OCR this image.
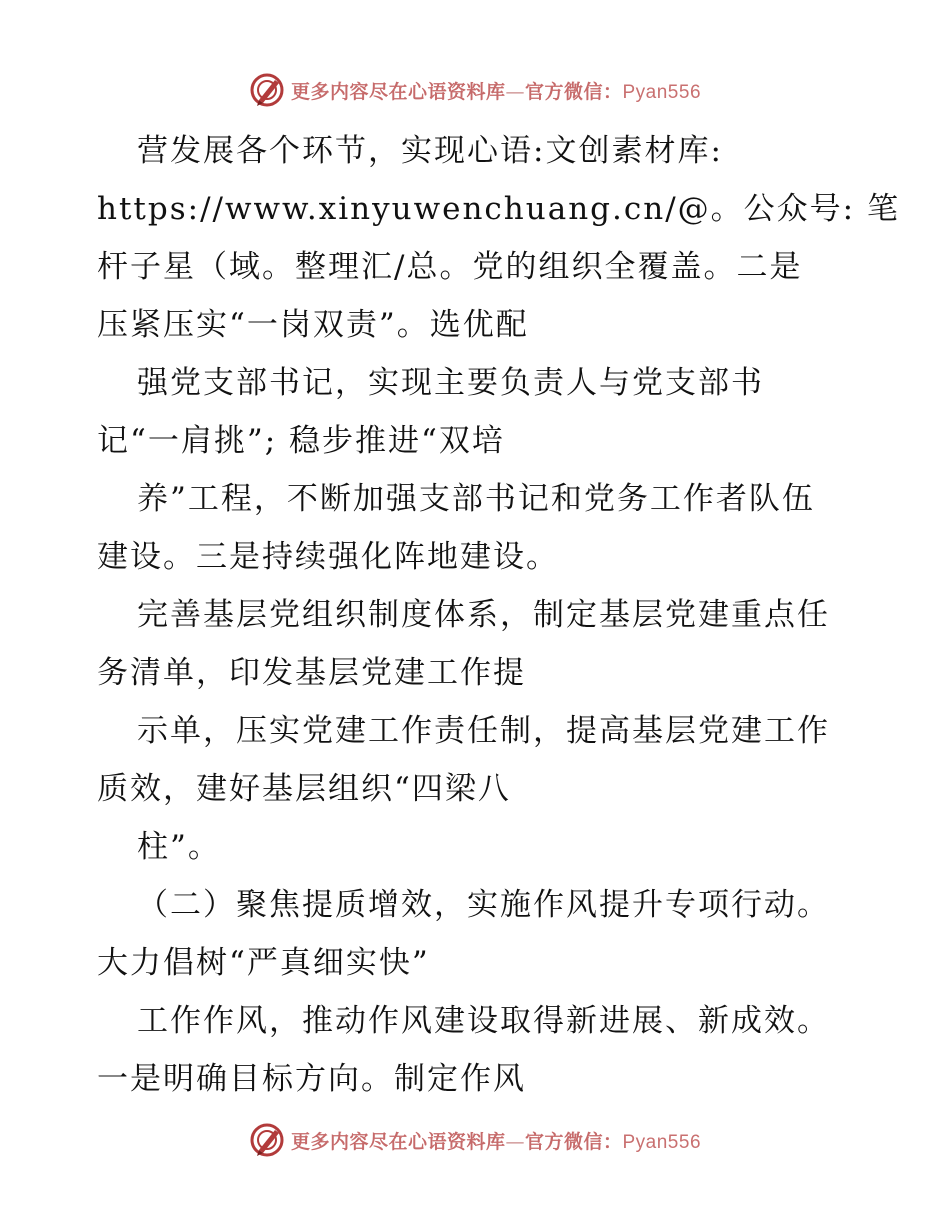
更多内容尽在心语资料库—官方微信：Pyan556
营发展各个环节，实现心语:文创素材库:
https://www.xinyuwenchuang.cn/@。公众号: 笔
杆子星（域。整理汇/总。党的组织全覆盖。二是
压紧压实“一岗双责”。选优配
强党支部书记，实现主要负责人与党支部书
记“一肩挑”; 稳步推进“双培
养”工程，不断加强支部书记和党务工作者队伍
建设。三是持续强化阵地建设。
完善基层党组织制度体系，制定基层党建重点任
务清单，印发基层党建工作提
示单，压实党建工作责任制，提高基层党建工作
质效，建好基层组织“四梁八
柱”。
（二）聚焦提质增效，实施作风提升专项行动。
大力倡树“严真细实快”
工作作风，推动作风建设取得新进展、新成效。
一是明确目标方向。制定作风
更多内容尽在心语资料库—官方微信：Pyan556
